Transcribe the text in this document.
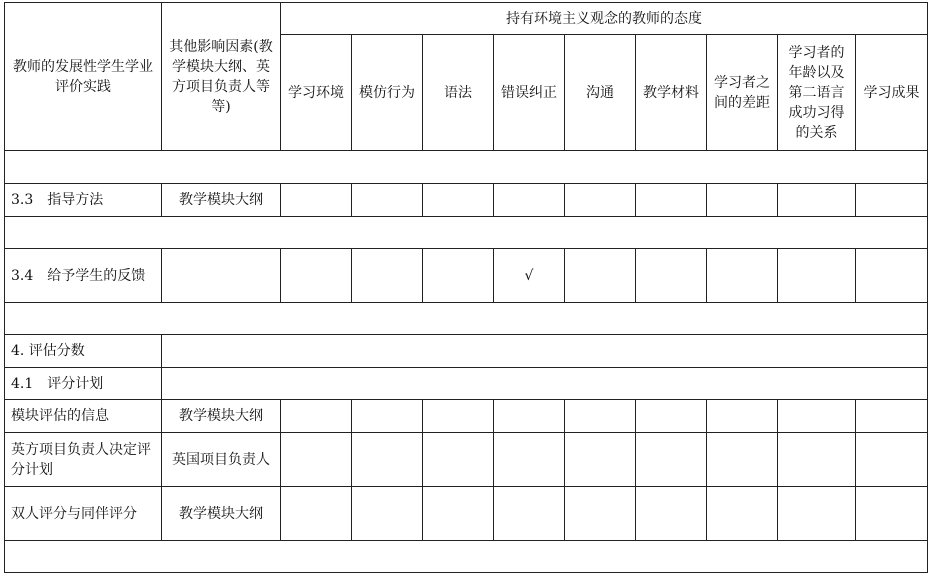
教师的发展性学生学业评价实践	其他影响因素(教学模块大纲、英方项目负责人等等)	持有环境主义观念的教师的态度								
		学习环境	模仿行为	语法	错误纠正	沟通	教学材料	学习者之间的差距	学习者的年龄以及第二语言成功习得的关系	学习成果

3.3　指导方法	教学模块大纲									

3.4　给予学生的反馈					√					

4. 评估分数										
4.1　评分计划										
模块评估的信息	教学模块大纲									
英方项目负责人决定评分计划	英国项目负责人									
双人评分与同伴评分	教学模块大纲									
